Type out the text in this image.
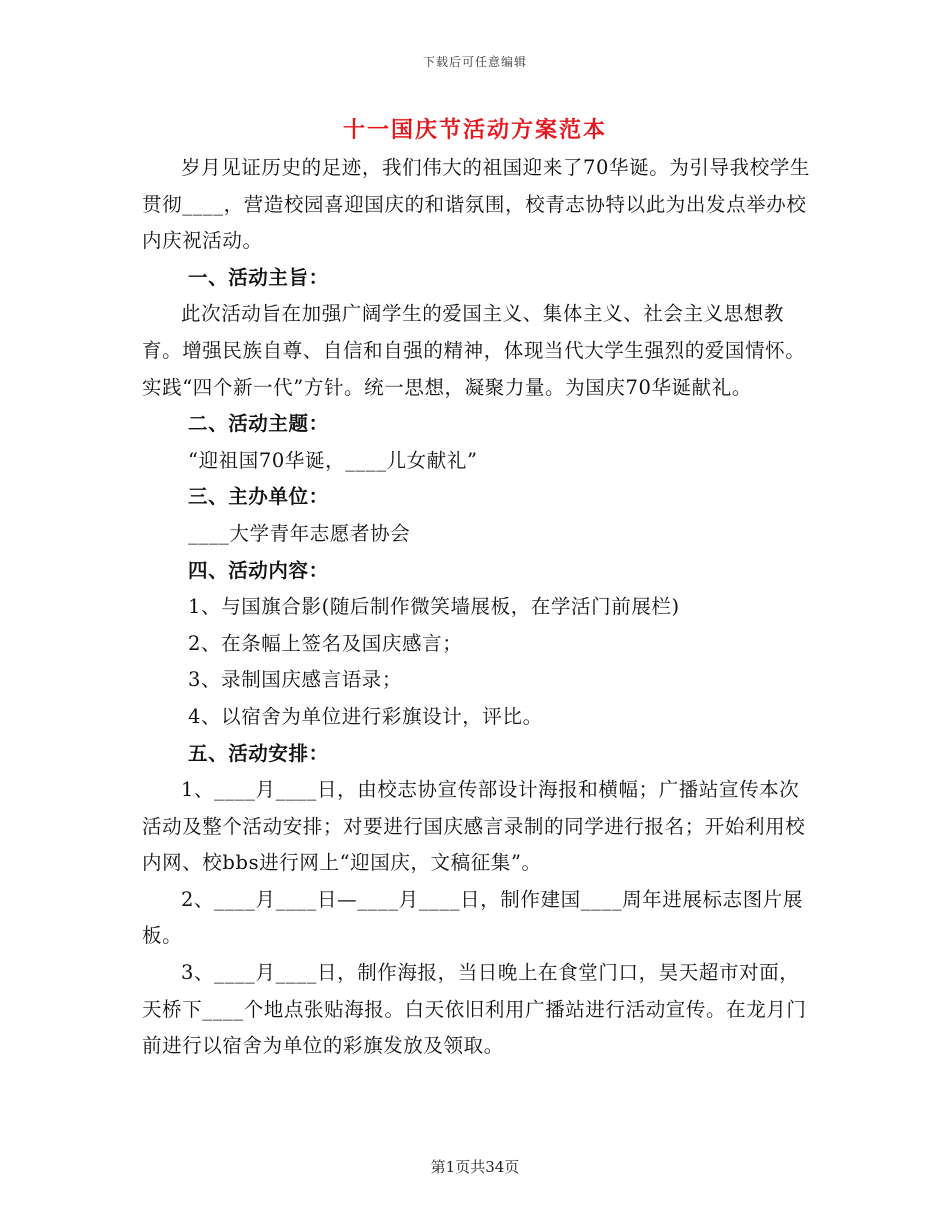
下载后可任意编辑
十一国庆节活动方案范本

岁月见证历史的足迹，我们伟大的祖国迎来了70华诞。为引导我校学生贯彻____，营造校园喜迎国庆的和谐氛围，校青志协特以此为出发点举办校内庆祝活动。

一、活动主旨：

此次活动旨在加强广阔学生的爱国主义、集体主义、社会主义思想教育。增强民族自尊、自信和自强的精神，体现当代大学生强烈的爱国情怀。实践“四个新一代”方针。统一思想，凝聚力量。为国庆70华诞献礼。

二、活动主题：

“迎祖国70华诞，____儿女献礼”

三、主办单位：

____大学青年志愿者协会

四、活动内容：

1、与国旗合影(随后制作微笑墙展板，在学活门前展栏)

2、在条幅上签名及国庆感言；

3、录制国庆感言语录；

4、以宿舍为单位进行彩旗设计，评比。

五、活动安排：

1、____月____日，由校志协宣传部设计海报和横幅；广播站宣传本次活动及整个活动安排；对要进行国庆感言录制的同学进行报名；开始利用校内网、校bbs进行网上“迎国庆，文稿征集”。

2、____月____日—____月____日，制作建国____周年进展标志图片展板。

3、____月____日，制作海报，当日晚上在食堂门口，昊天超市对面，天桥下____个地点张贴海报。白天依旧利用广播站进行活动宣传。在龙月门前进行以宿舍为单位的彩旗发放及领取。

第1页共34页
